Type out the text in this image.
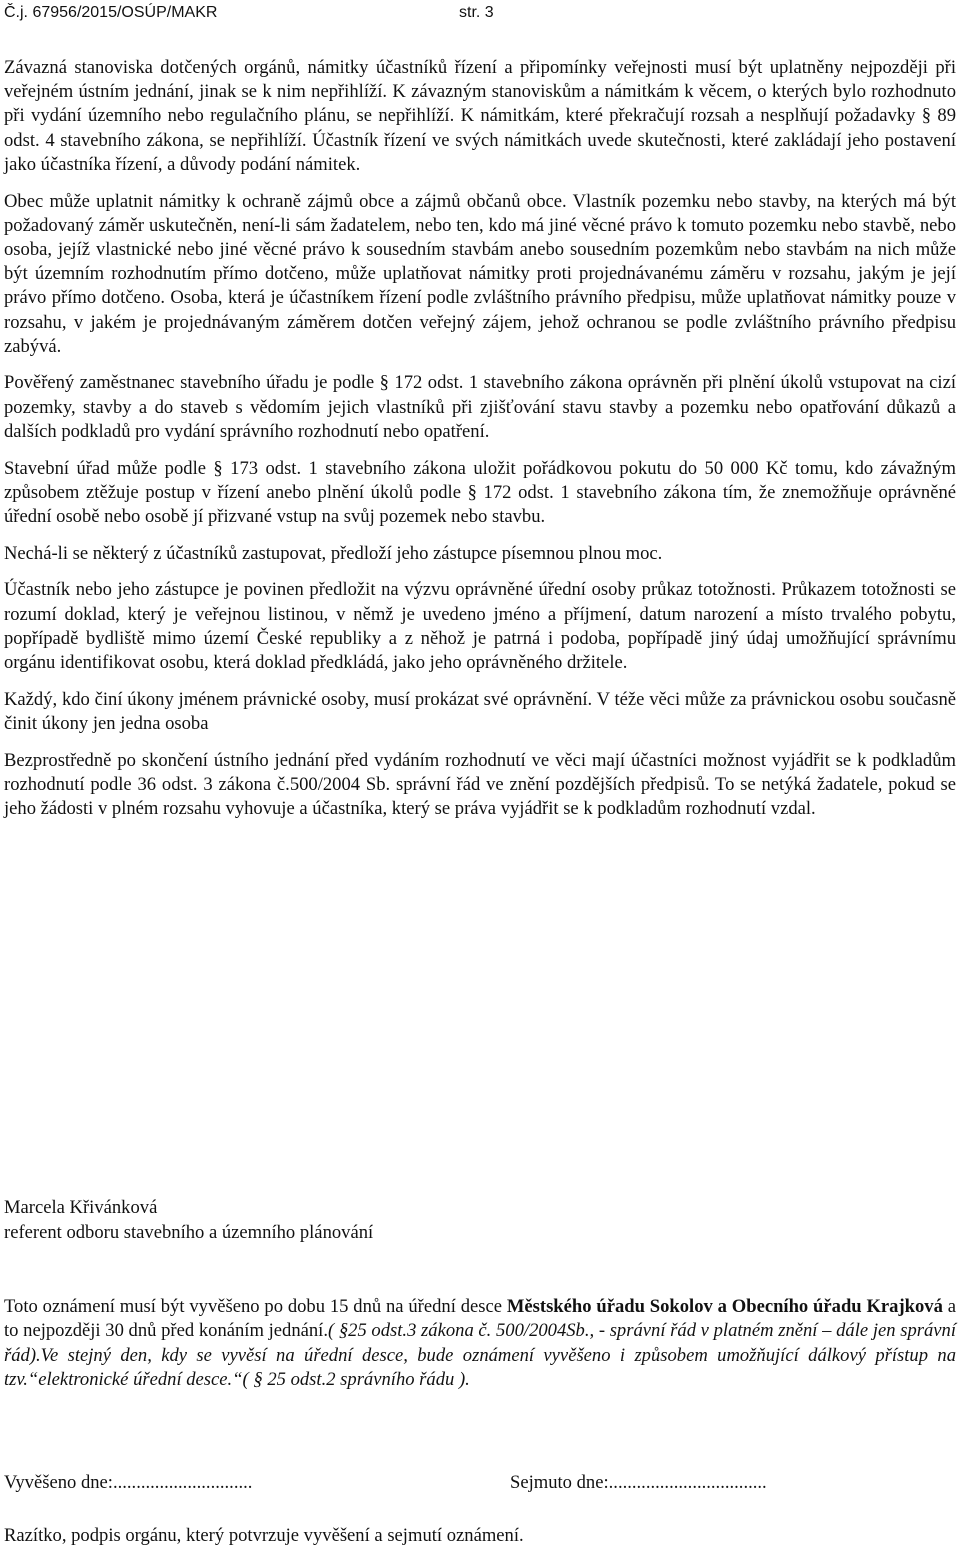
Č.j. 67956/2015/OSÚP/MAKR	str. 3

Závazná stanoviska dotčených orgánů, námitky účastníků řízení a připomínky veřejnosti musí být uplatněny nejpozději při veřejném ústním jednání, jinak se k nim nepřihlíží. K závazným stanoviskům a námitkám k věcem, o kterých bylo rozhodnuto při vydání územního nebo regulačního plánu, se nepřihlíží. K námitkám, které překračují rozsah a nesplňují požadavky § 89 odst. 4 stavebního zákona, se nepřihlíží. Účastník řízení ve svých námitkách uvede skutečnosti, které zakládají jeho postavení jako účastníka řízení, a důvody podání námitek.

Obec může uplatnit námitky k ochraně zájmů obce a zájmů občanů obce. Vlastník pozemku nebo stavby, na kterých má být požadovaný záměr uskutečněn, není-li sám žadatelem, nebo ten, kdo má jiné věcné právo k tomuto pozemku nebo stavbě, nebo osoba, jejíž vlastnické nebo jiné věcné právo k sousedním stavbám anebo sousedním pozemkům nebo stavbám na nich může být územním rozhodnutím přímo dotčeno, může uplatňovat námitky proti projednávanému záměru v rozsahu, jakým je její právo přímo dotčeno. Osoba, která je účastníkem řízení podle zvláštního právního předpisu, může uplatňovat námitky pouze v rozsahu, v jakém je projednávaným záměrem dotčen veřejný zájem, jehož ochranou se podle zvláštního právního předpisu zabývá.

Pověřený zaměstnanec stavebního úřadu je podle § 172 odst. 1 stavebního zákona oprávněn při plnění úkolů vstupovat na cizí pozemky, stavby a do staveb s vědomím jejich vlastníků při zjišťování stavu stavby a pozemku nebo opatřování důkazů a dalších podkladů pro vydání správního rozhodnutí nebo opatření.

Stavební úřad může podle § 173 odst. 1 stavebního zákona uložit pořádkovou pokutu do 50 000 Kč tomu, kdo závažným způsobem ztěžuje postup v řízení anebo plnění úkolů podle § 172 odst. 1 stavebního zákona tím, že znemožňuje oprávněné úřední osobě nebo osobě jí přizvané vstup na svůj pozemek nebo stavbu.

Nechá-li se některý z účastníků zastupovat, předloží jeho zástupce písemnou plnou moc.

Účastník nebo jeho zástupce je povinen předložit na výzvu oprávněné úřední osoby průkaz totožnosti. Průkazem totožnosti se rozumí doklad, který je veřejnou listinou, v němž je uvedeno jméno a příjmení, datum narození a místo trvalého pobytu, popřípadě bydliště mimo území České republiky a z něhož je patrná i podoba, popřípadě jiný údaj umožňující správnímu orgánu identifikovat osobu, která doklad předkládá, jako jeho oprávněného držitele.

Každý, kdo činí úkony jménem právnické osoby, musí prokázat své oprávnění. V téže věci může za právnickou osobu současně činit úkony jen jedna osoba

Bezprostředně po skončení ústního jednání před vydáním rozhodnutí ve věci mají účastníci možnost vyjádřit se k podkladům rozhodnutí podle 36 odst. 3 zákona č.500/2004 Sb. správní řád ve znění pozdějších předpisů. To se netýká žadatele, pokud se jeho žádosti v plném rozsahu vyhovuje a účastníka, který se práva vyjádřit se k podkladům rozhodnutí vzdal.

Marcela Křivánková
referent odboru stavebního a územního plánování
Toto oznámení musí být vyvěšeno po dobu 15 dnů na úřední desce Městského úřadu Sokolov a Obecního úřadu Krajková a to nejpozději 30 dnů před konáním jednání.( §25 odst.3 zákona č. 500/2004Sb., - správní řád v platném znění – dále jen správní řád).Ve stejný den, kdy se vyvěsí na úřední desce, bude oznámení vyvěšeno i způsobem umožňující dálkový přístup na tzv.“elektronické úřední desce.“( § 25 odst.2 správního řádu ).
Vyvěšeno dne:..............................	Sejmuto dne:..................................
Razítko, podpis orgánu, který potvrzuje vyvěšení a sejmutí oznámení.
